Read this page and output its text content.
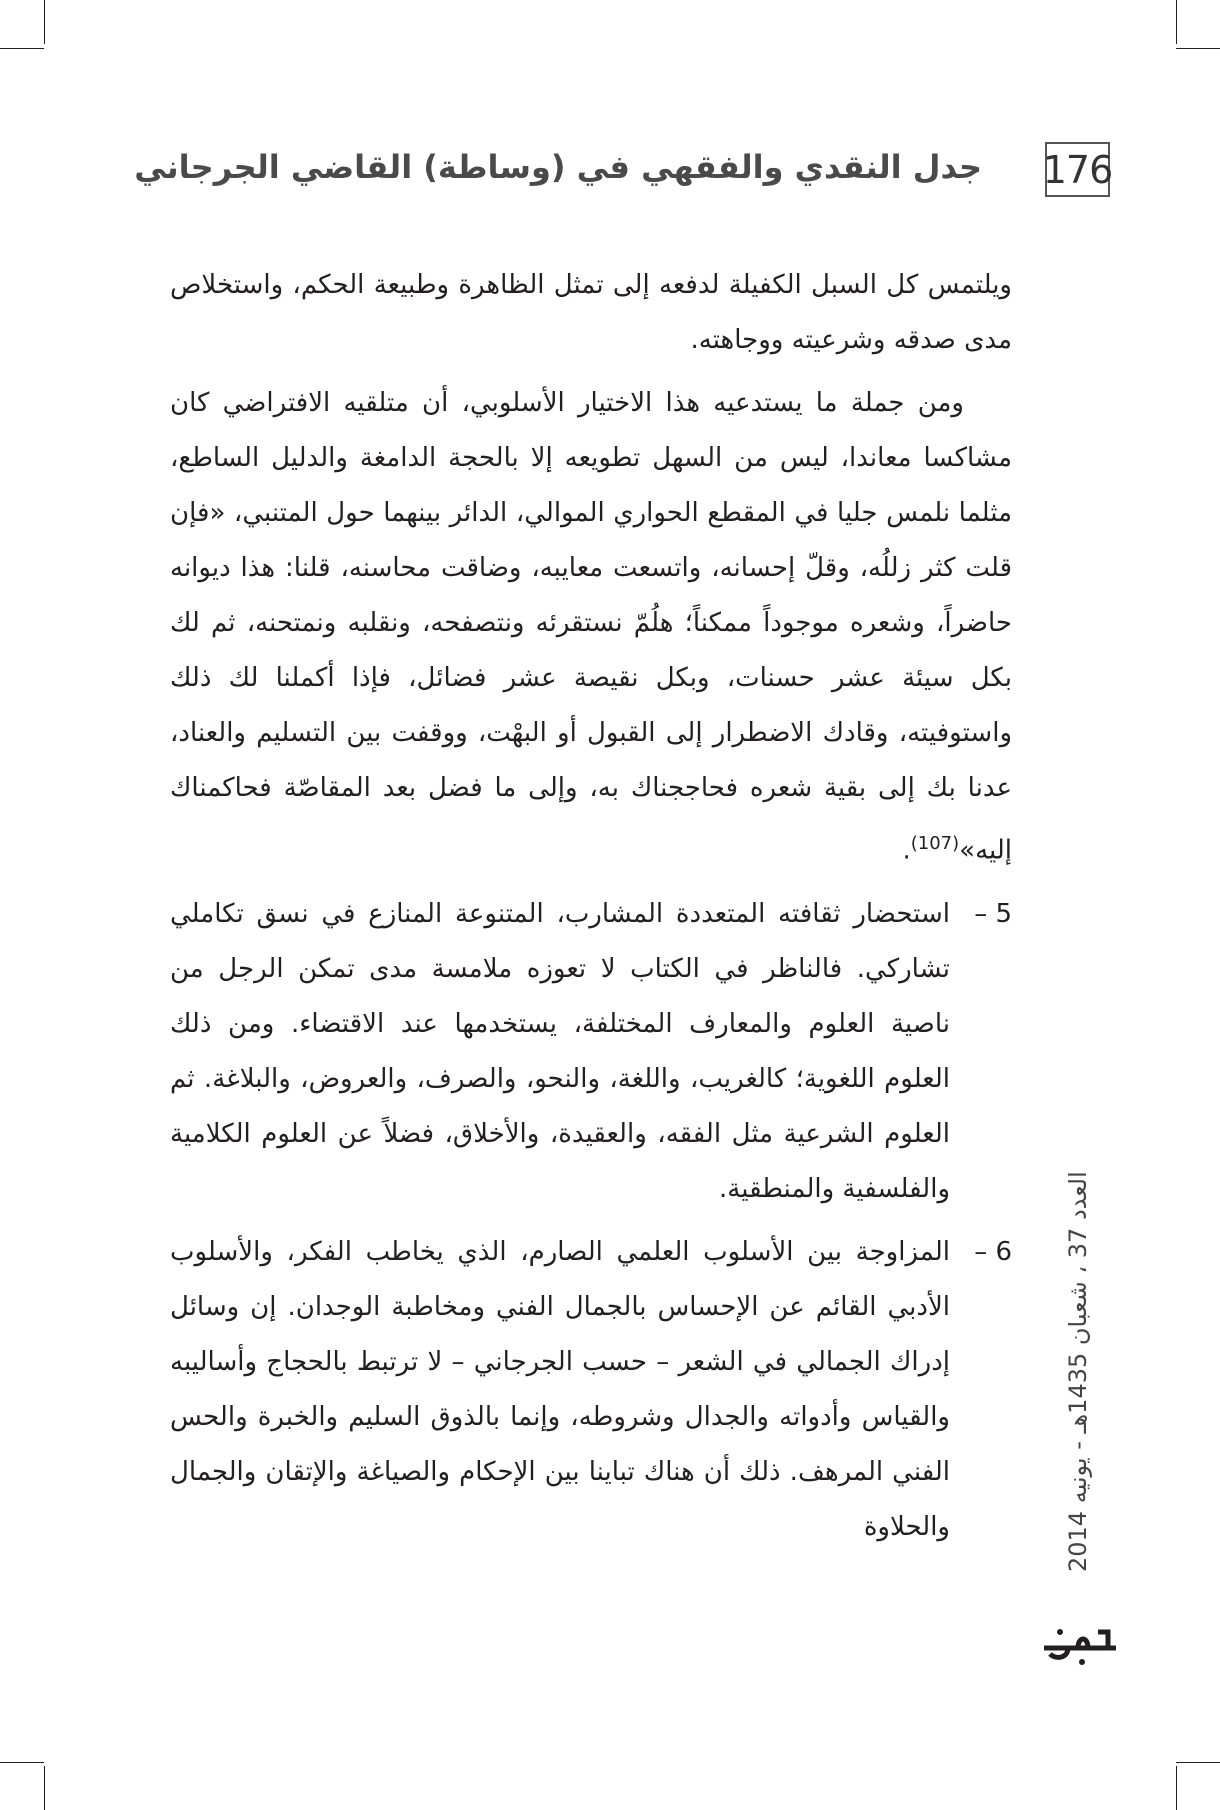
176
جدل النقدي والفقهي في (وساطة) القاضي الجرجاني

ويلتمس كل السبل الكفيلة لدفعه إلى تمثل الظاهرة وطبيعة الحكم، واستخلاص مدى صدقه وشرعيته ووجاهته.

ومن جملة ما يستدعيه هذا الاختيار الأسلوبي، أن متلقيه الافتراضي كان مشاكسا معاندا، ليس من السهل تطويعه إلا بالحجة الدامغة والدليل الساطع، مثلما نلمس جليا في المقطع الحواري الموالي، الدائر بينهما حول المتنبي، «فإن قلت كثر زللُه، وقلّ إحسانه، واتسعت معايبه، وضاقت محاسنه، قلنا: هذا ديوانه حاضراً، وشعره موجوداً ممكناً؛ هلُمّ نستقرئه ونتصفحه، ونقلبه ونمتحنه، ثم لك بكل سيئة عشر حسنات، وبكل نقيصة عشر فضائل، فإذا أكملنا لك ذلك واستوفيته، وقادك الاضطرار إلى القبول أو البهْت، ووقفت بين التسليم والعناد، عدنا بك إلى بقية شعره فحاججناك به، وإلى ما فضل بعد المقاصّة فحاكمناك إليه»$^{(107)}$.

5 –
استحضار ثقافته المتعددة المشارب، المتنوعة المنازع في نسق تكاملي تشاركي. فالناظر في الكتاب لا تعوزه ملامسة مدى تمكن الرجل من ناصية العلوم والمعارف المختلفة، يستخدمها عند الاقتضاء. ومن ذلك العلوم اللغوية؛ كالغريب، واللغة، والنحو، والصرف، والعروض، والبلاغة. ثم العلوم الشرعية مثل الفقه، والعقيدة، والأخلاق، فضلاً عن العلوم الكلامية والفلسفية والمنطقية.
6 –
المزاوجة بين الأسلوب العلمي الصارم، الذي يخاطب الفكر، والأسلوب الأدبي القائم عن الإحساس بالجمال الفني ومخاطبة الوجدان. إن وسائل إدراك الجمالي في الشعر – حسب الجرجاني – لا ترتبط بالحجاج وأساليبه والقياس وأدواته والجدال وشروطه، وإنما بالذوق السليم والخبرة والحس الفني المرهف. ذلك أن هناك تباينا بين الإحكام والصياغة والإتقان والجمال والحلاوة	العدد 37 ، شعبان 1435هـ - يونيه 2014
